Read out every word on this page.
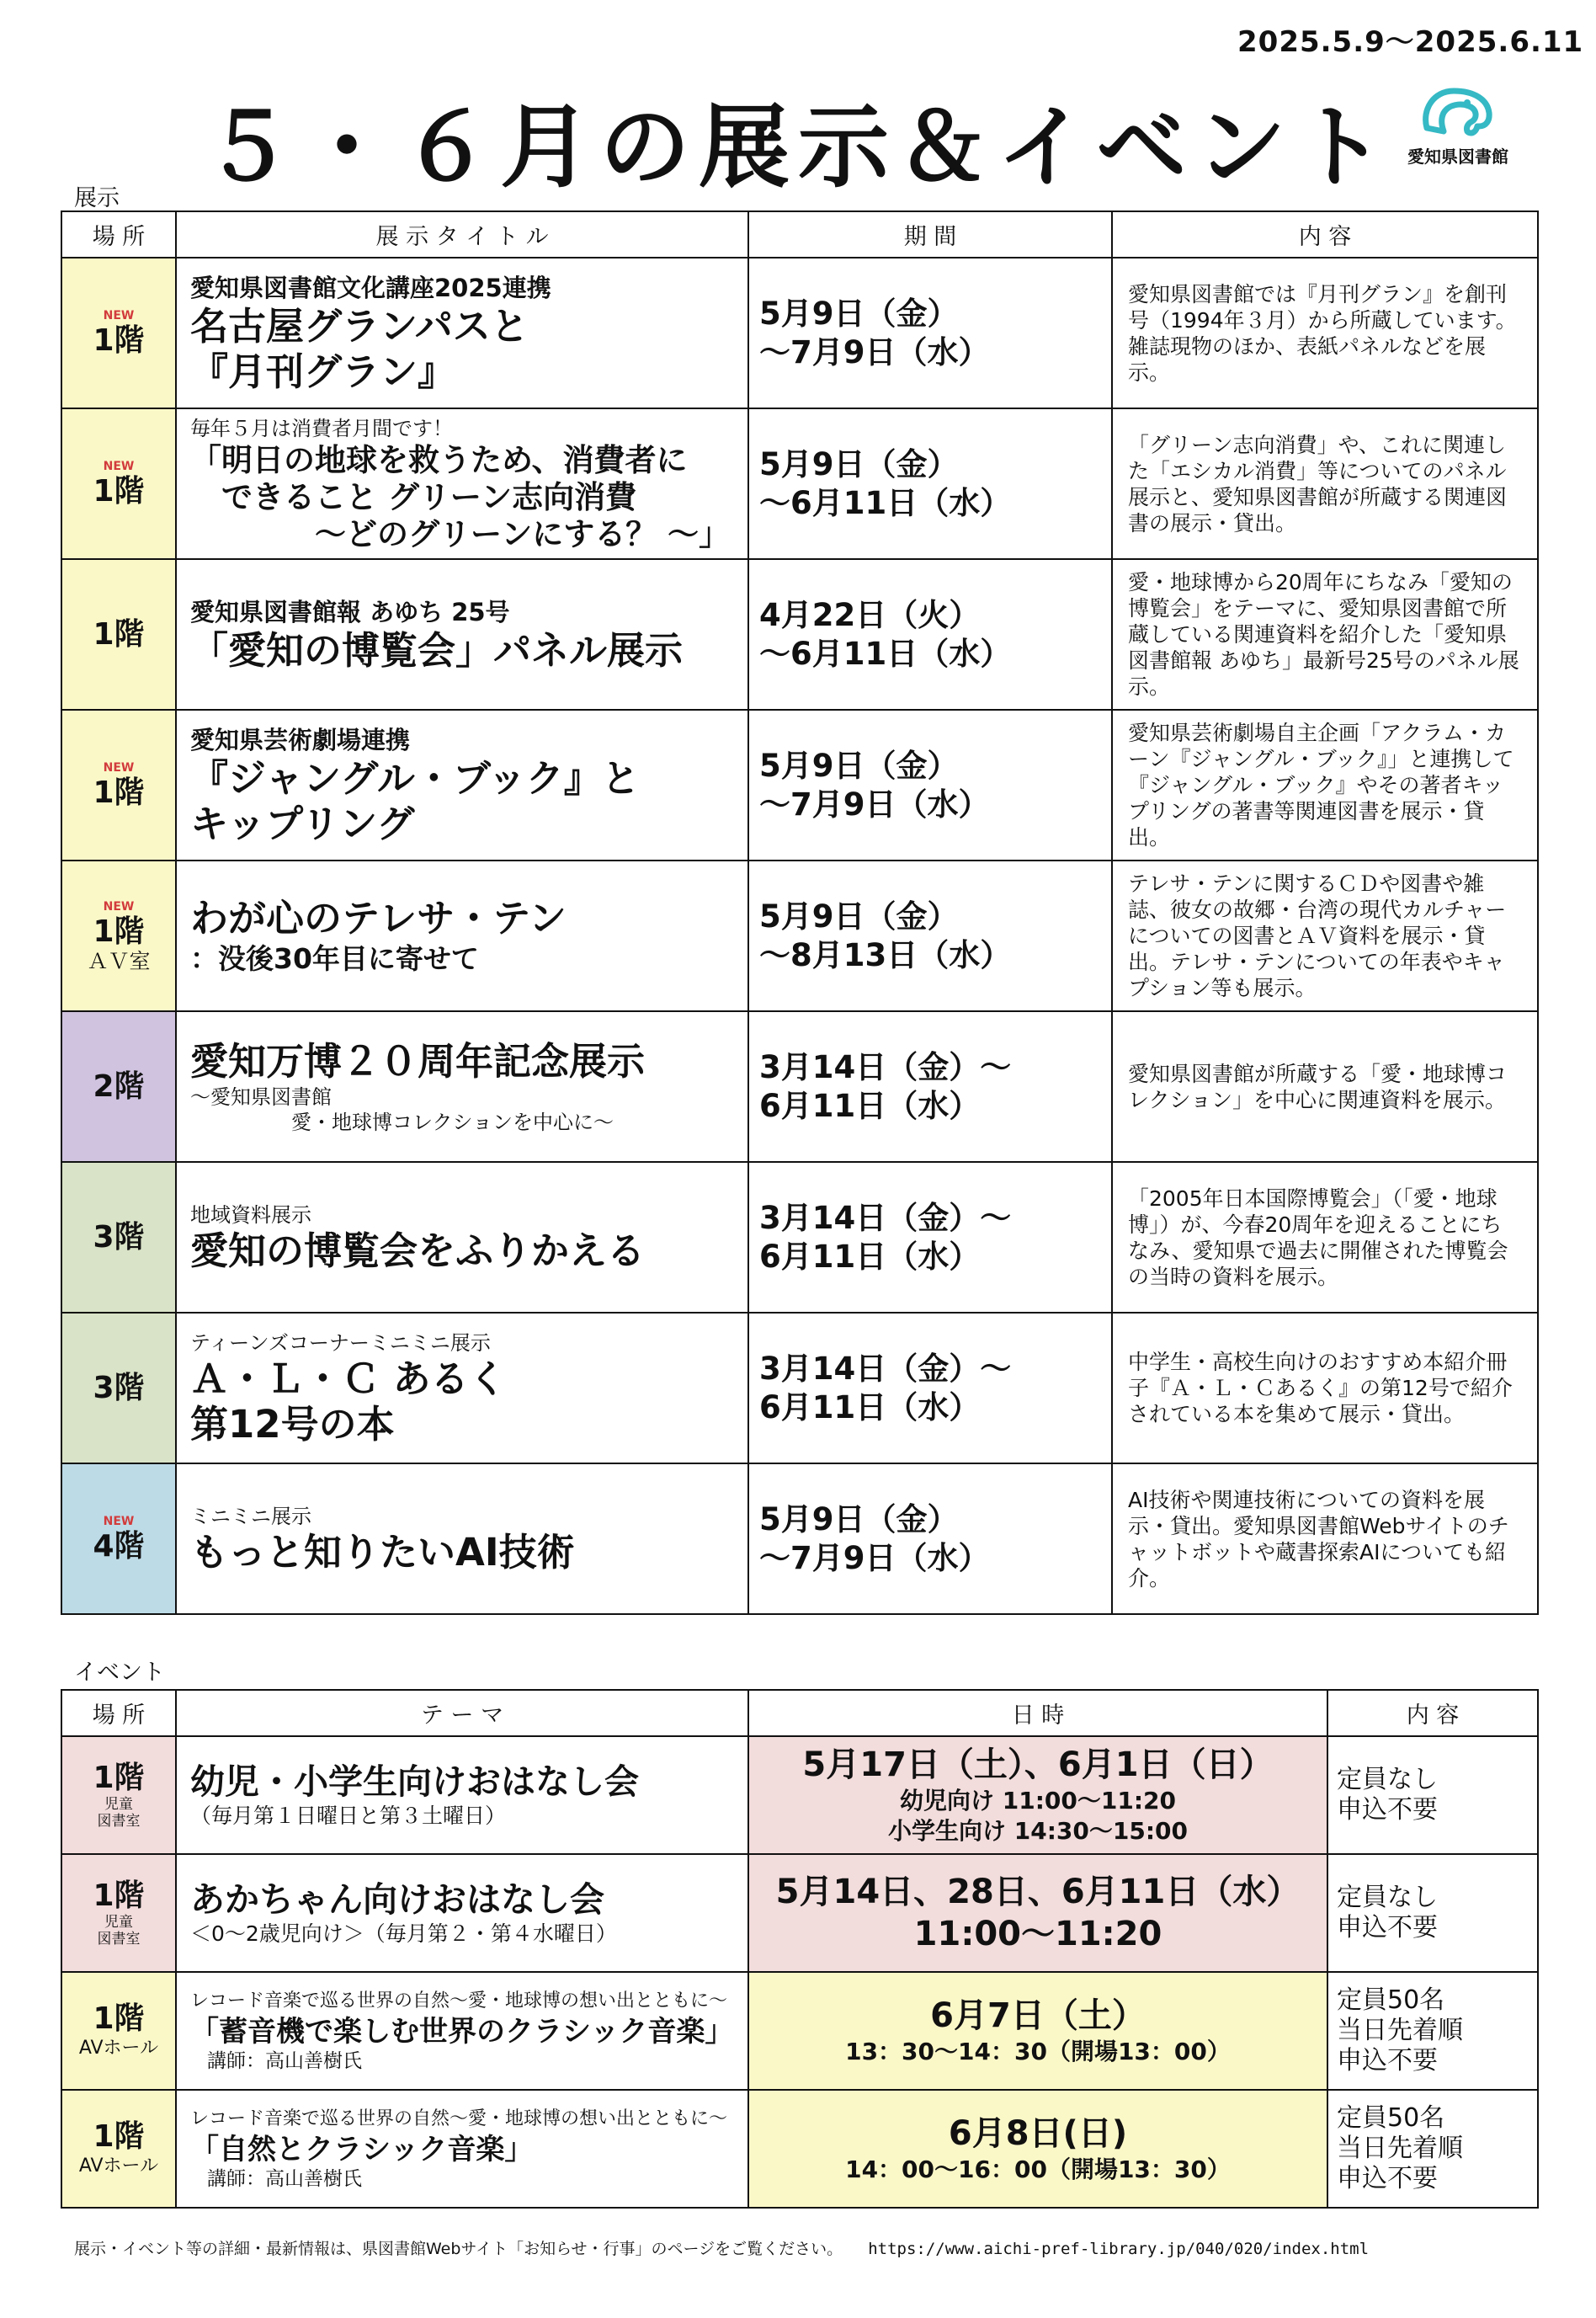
2025.5.9～2025.6.11
５・６月の展示＆イベント 愛知県図書館
展示
場 所	展 示 タ イ ト ル	期 間	内 容

NEW
1階	愛知県図書館文化講座2025連携
名古屋グランパスと
『月刊グラン』	5月9日（金）
～7月9日（水）	愛知県図書館では『月刊グラン』を創刊号（1994年３月）から所蔵しています。雑誌現物のほか、表紙パネルなどを展示。

NEW
1階	毎年５月は消費者月間です！
「明日の地球を救うため、消費者に
　できること グリーン志向消費
　　　　～どのグリーンにする？ ～」	5月9日（金）
～6月11日（水）	「グリーン志向消費」や、これに関連した「エシカル消費」等についてのパネル展示と、愛知県図書館が所蔵する関連図書の展示・貸出。

1階	愛知県図書館報 あゆち 25号
「愛知の博覧会」パネル展示	4月22日（火）
～6月11日（水）	愛・地球博から20周年にちなみ「愛知の博覧会」をテーマに、愛知県図書館で所蔵している関連資料を紹介した「愛知県図書館報 あゆち」最新号25号のパネル展示。

NEW
1階	愛知県芸術劇場連携
『ジャングル・ブック』と
キップリング	5月9日（金）
～7月9日（水）	愛知県芸術劇場自主企画「アクラム・カーン『ジャングル・ブック』」と連携して『ジャングル・ブック』やその著者キップリングの著書等関連図書を展示・貸出。

NEW
1階
ＡＶ室	わが心のテレサ・テン
：没後30年目に寄せて	5月9日（金）
～8月13日（水）	テレサ・テンに関するＣＤや図書や雑誌、彼女の故郷・台湾の現代カルチャーについての図書とＡＶ資料を展示・貸出。テレサ・テンについての年表やキャプション等も展示。

2階	愛知万博２０周年記念展示
～愛知県図書館
　　　　　愛・地球博コレクションを中心に～	3月14日（金）～
6月11日（水）	愛知県図書館が所蔵する「愛・地球博コレクション」を中心に関連資料を展示。

3階	地域資料展示
愛知の博覧会をふりかえる	3月14日（金）～
6月11日（水）	「2005年日本国際博覧会」（「愛・地球博」）が、今春20周年を迎えることにちなみ、愛知県で過去に開催された博覧会の当時の資料を展示。

3階	ティーンズコーナーミニミニ展示
Ａ・Ｌ・Ｃ あるく
第12号の本	3月14日（金）～
6月11日（水）	中学生・高校生向けのおすすめ本紹介冊子『Ａ・Ｌ・Ｃあるく』の第12号で紹介されている本を集めて展示・貸出。

NEW
4階	ミニミニ展示
もっと知りたいAI技術	5月9日（金）
～7月9日（水）	AI技術や関連技術についての資料を展示・貸出。愛知県図書館Webサイトのチャットボットや蔵書探索AIについても紹介。
イベント
場 所	テ ー マ	日 時	内 容

1階
児童
図書室	幼児・小学生向けおはなし会
（毎月第１日曜日と第３土曜日）	5月17日（土）、6月1日（日）
幼児向け 11:00～11:20
小学生向け 14:30～15:00	定員なし
申込不要

1階
児童
図書室	あかちゃん向けおはなし会
＜0～2歳児向け＞（毎月第２・第４水曜日）	5月14日、28日、6月11日（水）
11:00～11:20	定員なし
申込不要

1階
AVホール	レコード音楽で巡る世界の自然～愛・地球博の想い出とともに～
「蓄音機で楽しむ世界のクラシック音楽」
講師：高山善樹氏	6月7日（土）
13：30～14：30（開場13：00）	定員50名
当日先着順
申込不要

1階
AVホール	レコード音楽で巡る世界の自然～愛・地球博の想い出とともに～
「自然とクラシック音楽」
講師：高山善樹氏	6月8日(日)
14：00～16：00（開場13：30）	定員50名
当日先着順
申込不要
展示・イベント等の詳細・最新情報は、県図書館Webサイト「お知らせ・行事」のページをご覧ください。 https://www.aichi-pref-library.jp/040/020/index.html
